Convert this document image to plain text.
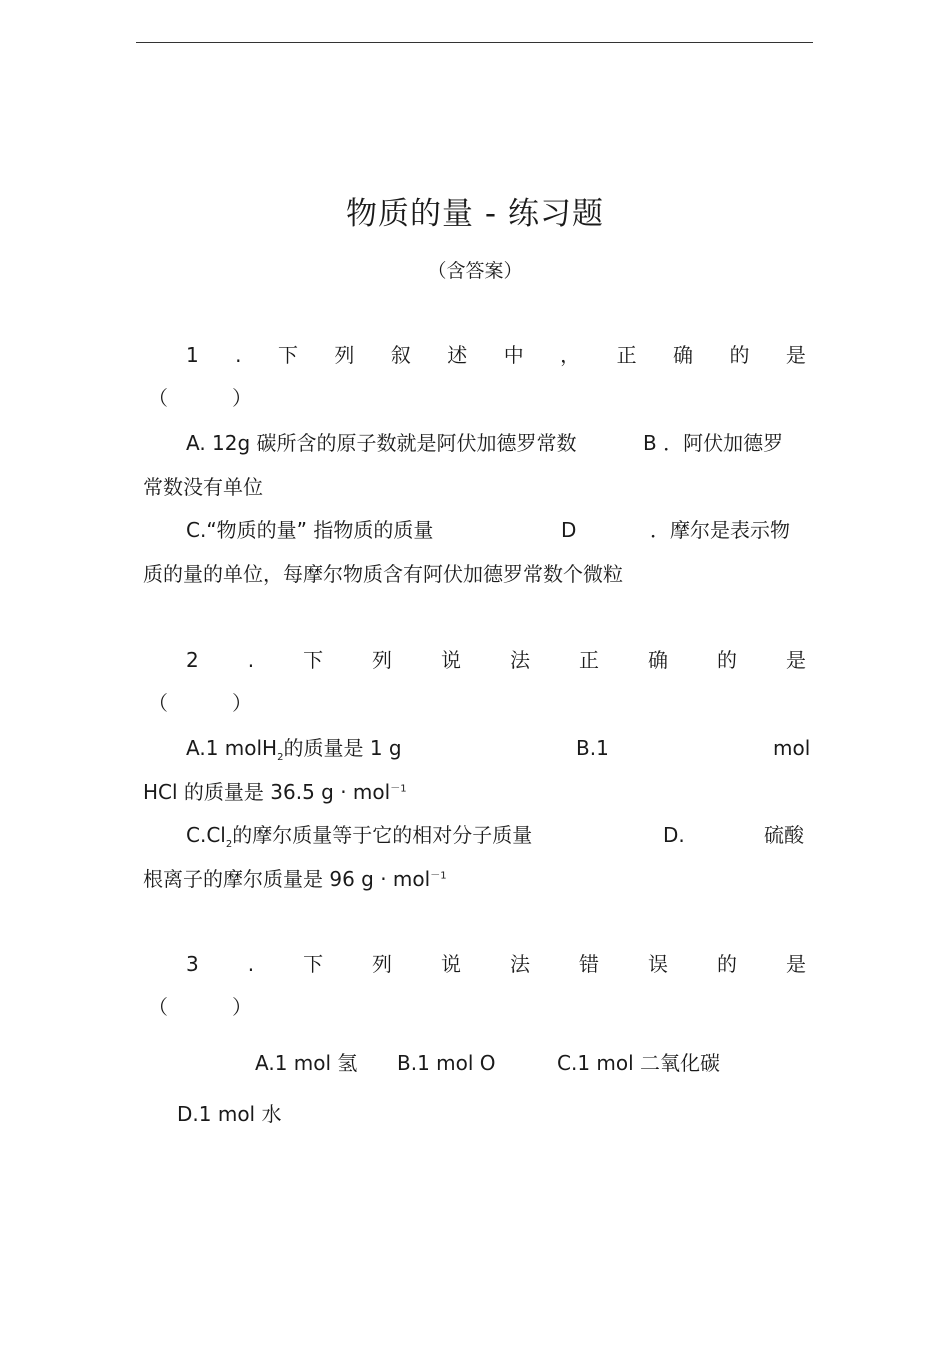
物质的量 - 练习题
（含答案）
1 . 下 列 叙 述 中 ， 正 确 的 是
（	）
A. 12g 碳所含的原子数就是阿伏加德罗常数	B ．阿伏加德罗
常数没有单位
C.“物质的量” 指物质的质量	D	．摩尔是表示物
质的量的单位，每摩尔物质含有阿伏加德罗常数个微粒
2 . 下 列 说 法 正 确 的 是
（	）
A.1 molH$_2$的质量是 1 g	B.1	mol
HCl 的质量是 36.5 g · mol$^{-1}$
$C.Cl_2$的摩尔质量等于它的相对分子质量	D.	硫酸
根离子的摩尔质量是 96 g · mol$^{-1}$
3 . 下 列 说 法 错 误 的 是
（	）
A.1 mol 氢 B.1 mol O	C.1 mol 二氧化碳
D.1 mol 水
